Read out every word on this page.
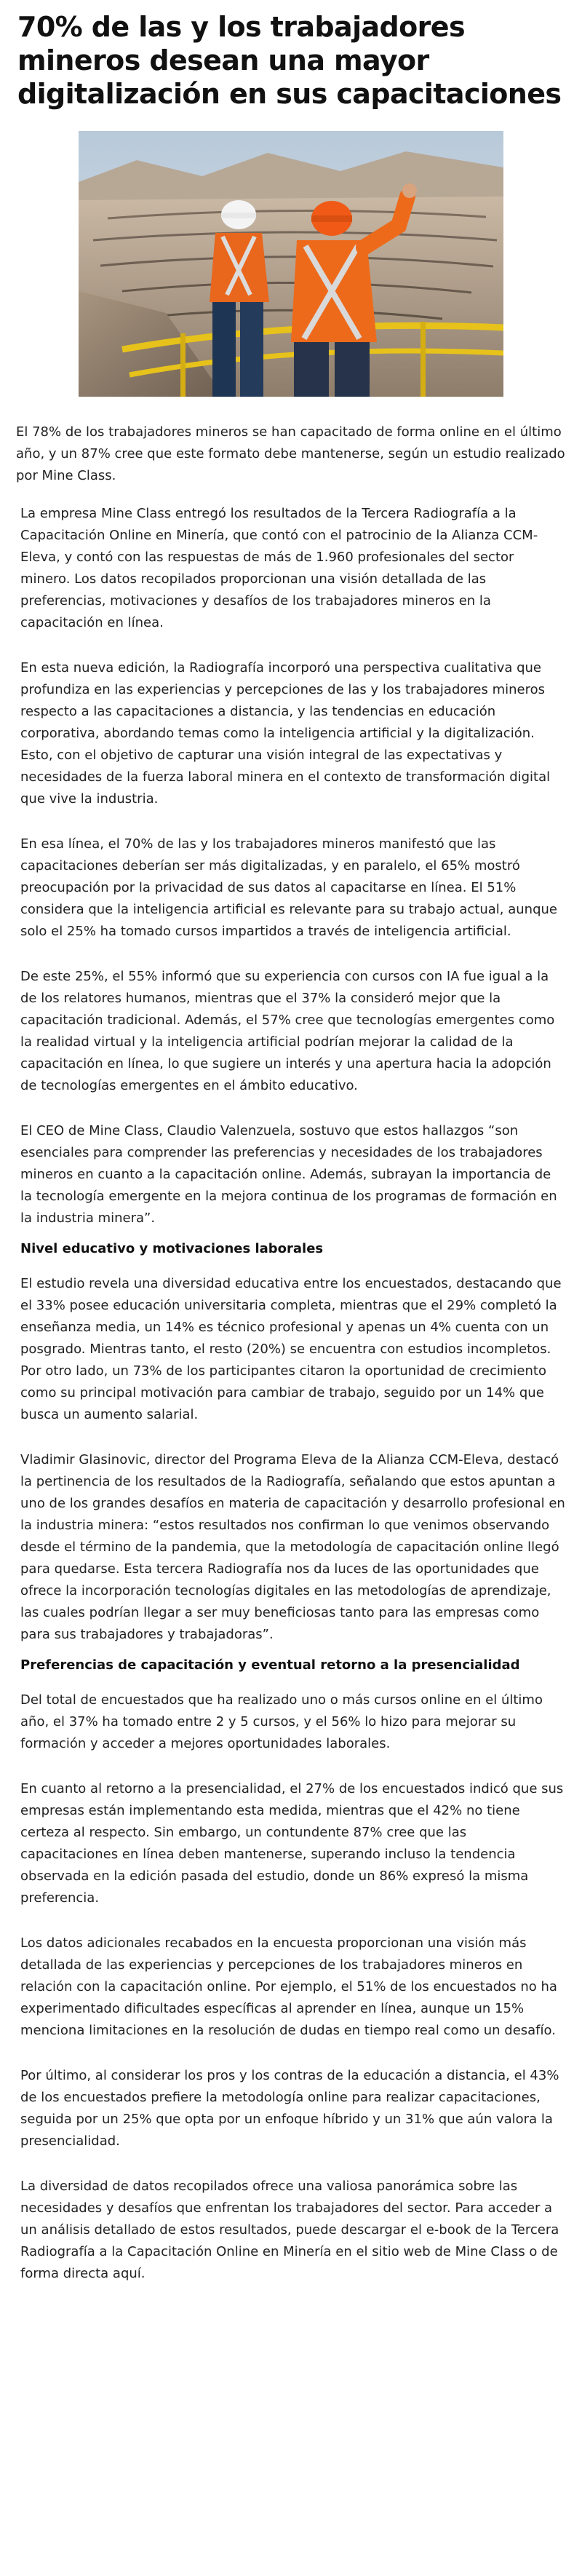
70% de las y los trabajadores mineros desean una mayor digitalización en sus capacitaciones

El 78% de los trabajadores mineros se han capacitado de forma online en el último año, y un 87% cree que este formato debe mantenerse, según un estudio realizado por Mine Class.

La empresa Mine Class entregó los resultados de la Tercera Radiografía a la Capacitación Online en Minería, que contó con el patrocinio de la Alianza CCM-Eleva, y contó con las respuestas de más de 1.960 profesionales del sector minero. Los datos recopilados proporcionan una visión detallada de las preferencias, motivaciones y desafíos de los trabajadores mineros en la capacitación en línea.

En esta nueva edición, la Radiografía incorporó una perspectiva cualitativa que profundiza en las experiencias y percepciones de las y los trabajadores mineros respecto a las capacitaciones a distancia, y las tendencias en educación corporativa, abordando temas como la inteligencia artificial y la digitalización. Esto, con el objetivo de capturar una visión integral de las expectativas y necesidades de la fuerza laboral minera en el contexto de transformación digital que vive la industria.

En esa línea, el 70% de las y los trabajadores mineros manifestó que las capacitaciones deberían ser más digitalizadas, y en paralelo, el 65% mostró preocupación por la privacidad de sus datos al capacitarse en línea. El 51% considera que la inteligencia artificial es relevante para su trabajo actual, aunque solo el 25% ha tomado cursos impartidos a través de inteligencia artificial.

De este 25%, el 55% informó que su experiencia con cursos con IA fue igual a la de los relatores humanos, mientras que el 37% la consideró mejor que la capacitación tradicional. Además, el 57% cree que tecnologías emergentes como la realidad virtual y la inteligencia artificial podrían mejorar la calidad de la capacitación en línea, lo que sugiere un interés y una apertura hacia la adopción de tecnologías emergentes en el ámbito educativo.

El CEO de Mine Class, Claudio Valenzuela, sostuvo que estos hallazgos “son esenciales para comprender las preferencias y necesidades de los trabajadores mineros en cuanto a la capacitación online. Además, subrayan la importancia de la tecnología emergente en la mejora continua de los programas de formación en la industria minera”.

Nivel educativo y motivaciones laborales

El estudio revela una diversidad educativa entre los encuestados, destacando que el 33% posee educación universitaria completa, mientras que el 29% completó la enseñanza media, un 14% es técnico profesional y apenas un 4% cuenta con un posgrado. Mientras tanto, el resto (20%) se encuentra con estudios incompletos. Por otro lado, un 73% de los participantes citaron la oportunidad de crecimiento como su principal motivación para cambiar de trabajo, seguido por un 14% que busca un aumento salarial.

Vladimir Glasinovic, director del Programa Eleva de la Alianza CCM-Eleva, destacó la pertinencia de los resultados de la Radiografía, señalando que estos apuntan a uno de los grandes desafíos en materia de capacitación y desarrollo profesional en la industria minera: “estos resultados nos confirman lo que venimos observando desde el término de la pandemia, que la metodología de capacitación online llegó para quedarse. Esta tercera Radiografía nos da luces de las oportunidades que ofrece la incorporación tecnologías digitales en las metodologías de aprendizaje, las cuales podrían llegar a ser muy beneficiosas tanto para las empresas como para sus trabajadores y trabajadoras”.

Preferencias de capacitación y eventual retorno a la presencialidad

Del total de encuestados que ha realizado uno o más cursos online en el último año, el 37% ha tomado entre 2 y 5 cursos, y el 56% lo hizo para mejorar su formación y acceder a mejores oportunidades laborales.

En cuanto al retorno a la presencialidad, el 27% de los encuestados indicó que sus empresas están implementando esta medida, mientras que el 42% no tiene certeza al respecto. Sin embargo, un contundente 87% cree que las capacitaciones en línea deben mantenerse, superando incluso la tendencia observada en la edición pasada del estudio, donde un 86% expresó la misma preferencia.

Los datos adicionales recabados en la encuesta proporcionan una visión más detallada de las experiencias y percepciones de los trabajadores mineros en relación con la capacitación online. Por ejemplo, el 51% de los encuestados no ha experimentado dificultades específicas al aprender en línea, aunque un 15% menciona limitaciones en la resolución de dudas en tiempo real como un desafío.

Por último, al considerar los pros y los contras de la educación a distancia, el 43% de los encuestados prefiere la metodología online para realizar capacitaciones, seguida por un 25% que opta por un enfoque híbrido y un 31% que aún valora la presencialidad.

La diversidad de datos recopilados ofrece una valiosa panorámica sobre las necesidades y desafíos que enfrentan los trabajadores del sector. Para acceder a un análisis detallado de estos resultados, puede descargar el e-book de la Tercera Radiografía a la Capacitación Online en Minería en el sitio web de Mine Class o de forma directa aquí.
